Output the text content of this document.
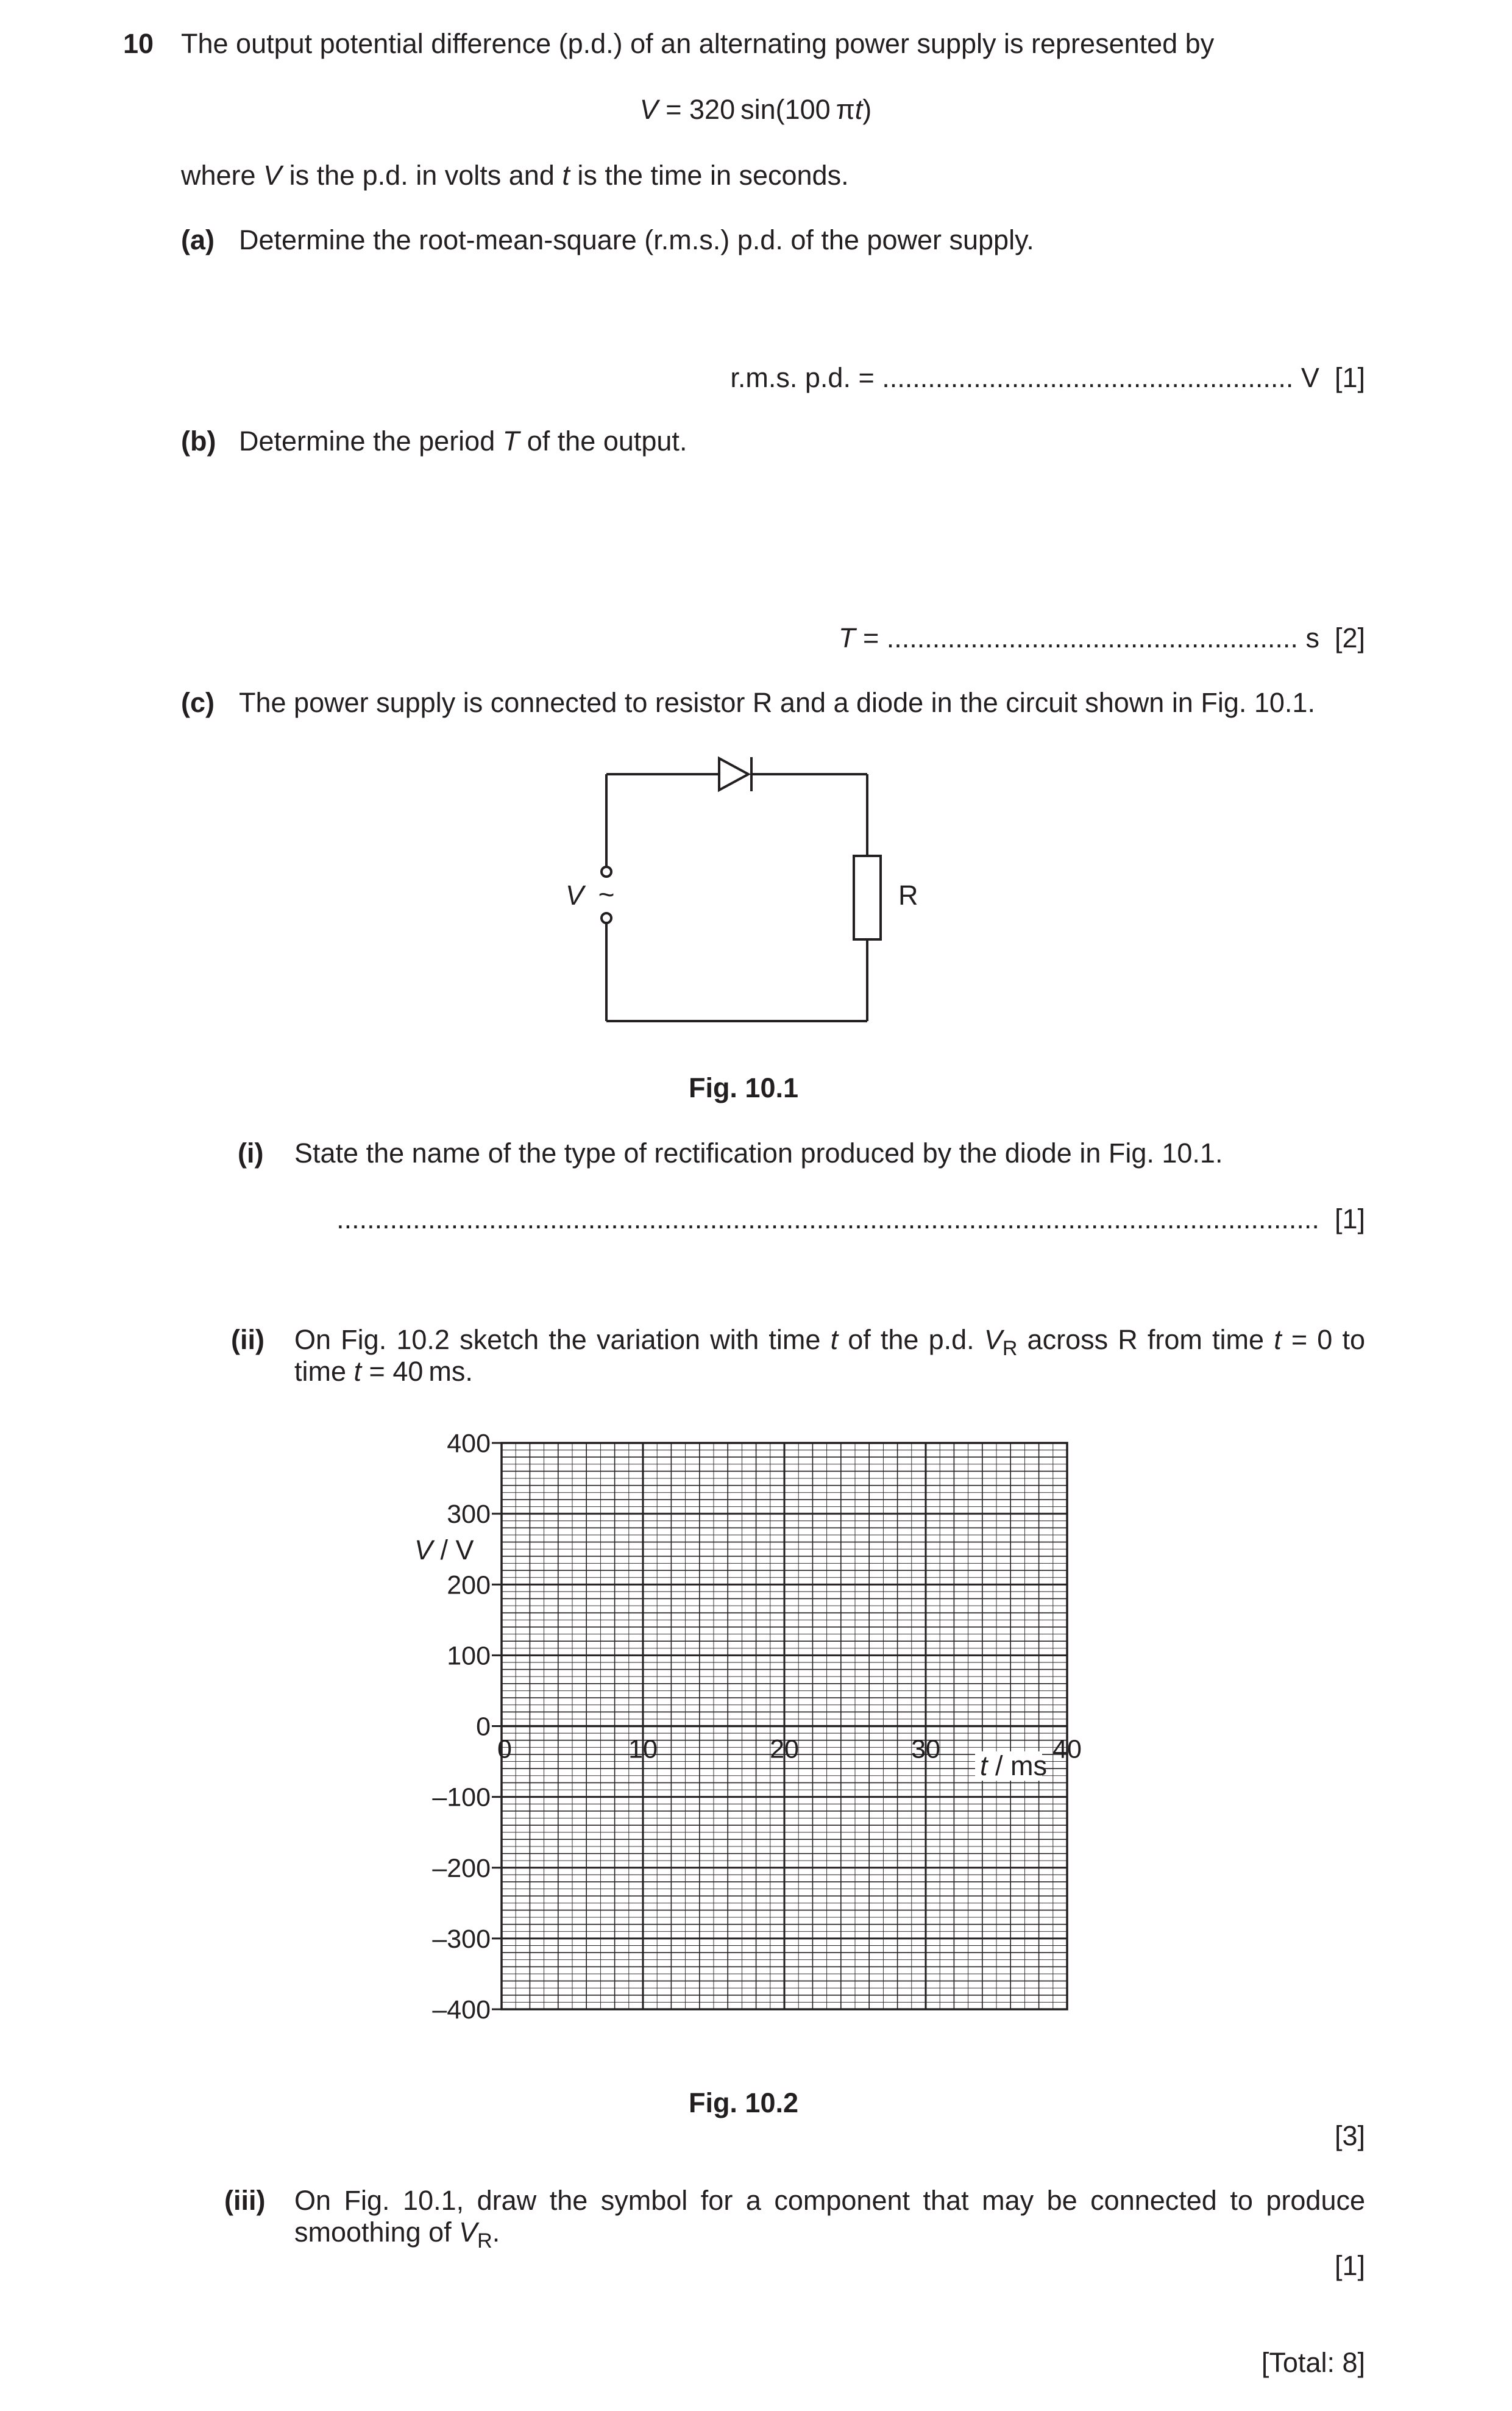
10 The output potential difference (p.d.) of an alternating power supply is represented by
V = 320 sin(100 πt)
where V is the p.d. in volts and t is the time in seconds.
(a) Determine the root-mean-square (r.m.s.) p.d. of the power supply.
r.m.s. p.d. = ...................................................... V [1]
(b) Determine the period T of the output.
T = ...................................................... s [2]
(c) The power supply is connected to resistor R and a diode in the circuit shown in Fig. 10.1.
~
V	R
Fig. 10.1
(i) State the name of the type of rectification produced by the diode in Fig. 10.1.
................................................................................................................................. [1]
(ii) On Fig. 10.2 sketch the variation with time t of the p.d. $V_R$ across R from time t = 0 to
time t = 40 ms.
400
300
200
100
0
–100
–200
–300
–400
0	10	20	30	40
V / V
t / ms
Fig. 10.2
[3]
(iii) On Fig. 10.1, draw the symbol for a component that may be connected to produce
smoothing of $V_R$.
[1]
[Total: 8]
